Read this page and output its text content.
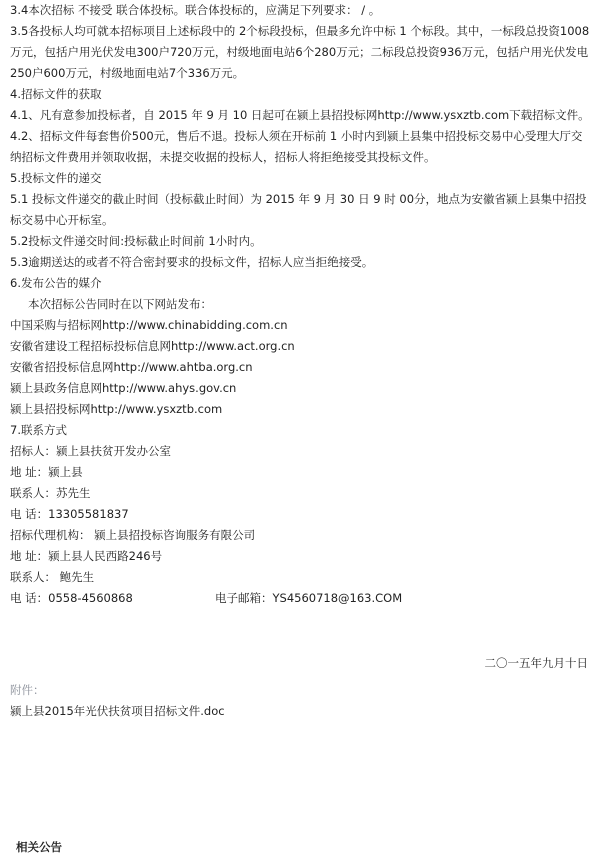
3.4本次招标 不接受 联合体投标。联合体投标的，应满足下列要求： / 。

3.5各投标人均可就本招标项目上述标段中的 2个标段投标，但最多允许中标 1 个标段。其中，一标段总投资1008万元，包括户用光伏发电300户720万元，村级地面电站6个280万元；二标段总投资936万元，包括户用光伏发电250户600万元，村级地面电站7个336万元。

4.招标文件的获取

4.1、凡有意参加投标者，自 2015 年 9 月 10 日起可在颍上县招投标网http://www.ysxztb.com下载招标文件。

4.2、招标文件每套售价500元，售后不退。投标人须在开标前 1 小时内到颍上县集中招投标交易中心受理大厅交纳招标文件费用并领取收据，未提交收据的投标人，招标人将拒绝接受其投标文件。

5.投标文件的递交

5.1 投标文件递交的截止时间（投标截止时间）为 2015 年 9 月 30 日 9 时 00分，地点为安徽省颍上县集中招投标交易中心开标室。

5.2投标文件递交时间:投标截止时间前 1小时内。

5.3逾期送达的或者不符合密封要求的投标文件，招标人应当拒绝接受。

6.发布公告的媒介

本次招标公告同时在以下网站发布：

中国采购与招标网http://www.chinabidding.com.cn

安徽省建设工程招标投标信息网http://www.act.org.cn

安徽省招投标信息网http://www.ahtba.org.cn

颍上县政务信息网http://www.ahys.gov.cn

颍上县招投标网http://www.ysxztb.com

7.联系方式

招标人：颍上县扶贫开发办公室

地 址：颍上县

联系人：苏先生

电 话：13305581837

招标代理机构： 颍上县招投标咨询服务有限公司

地 址：颍上县人民西路246号

联系人： 鲍先生

电 话：0558-4560868	电子邮箱：YS4560718@163.COM

二〇一五年九月十日

附件：

颍上县2015年光伏扶贫项目招标文件.doc

相关公告
